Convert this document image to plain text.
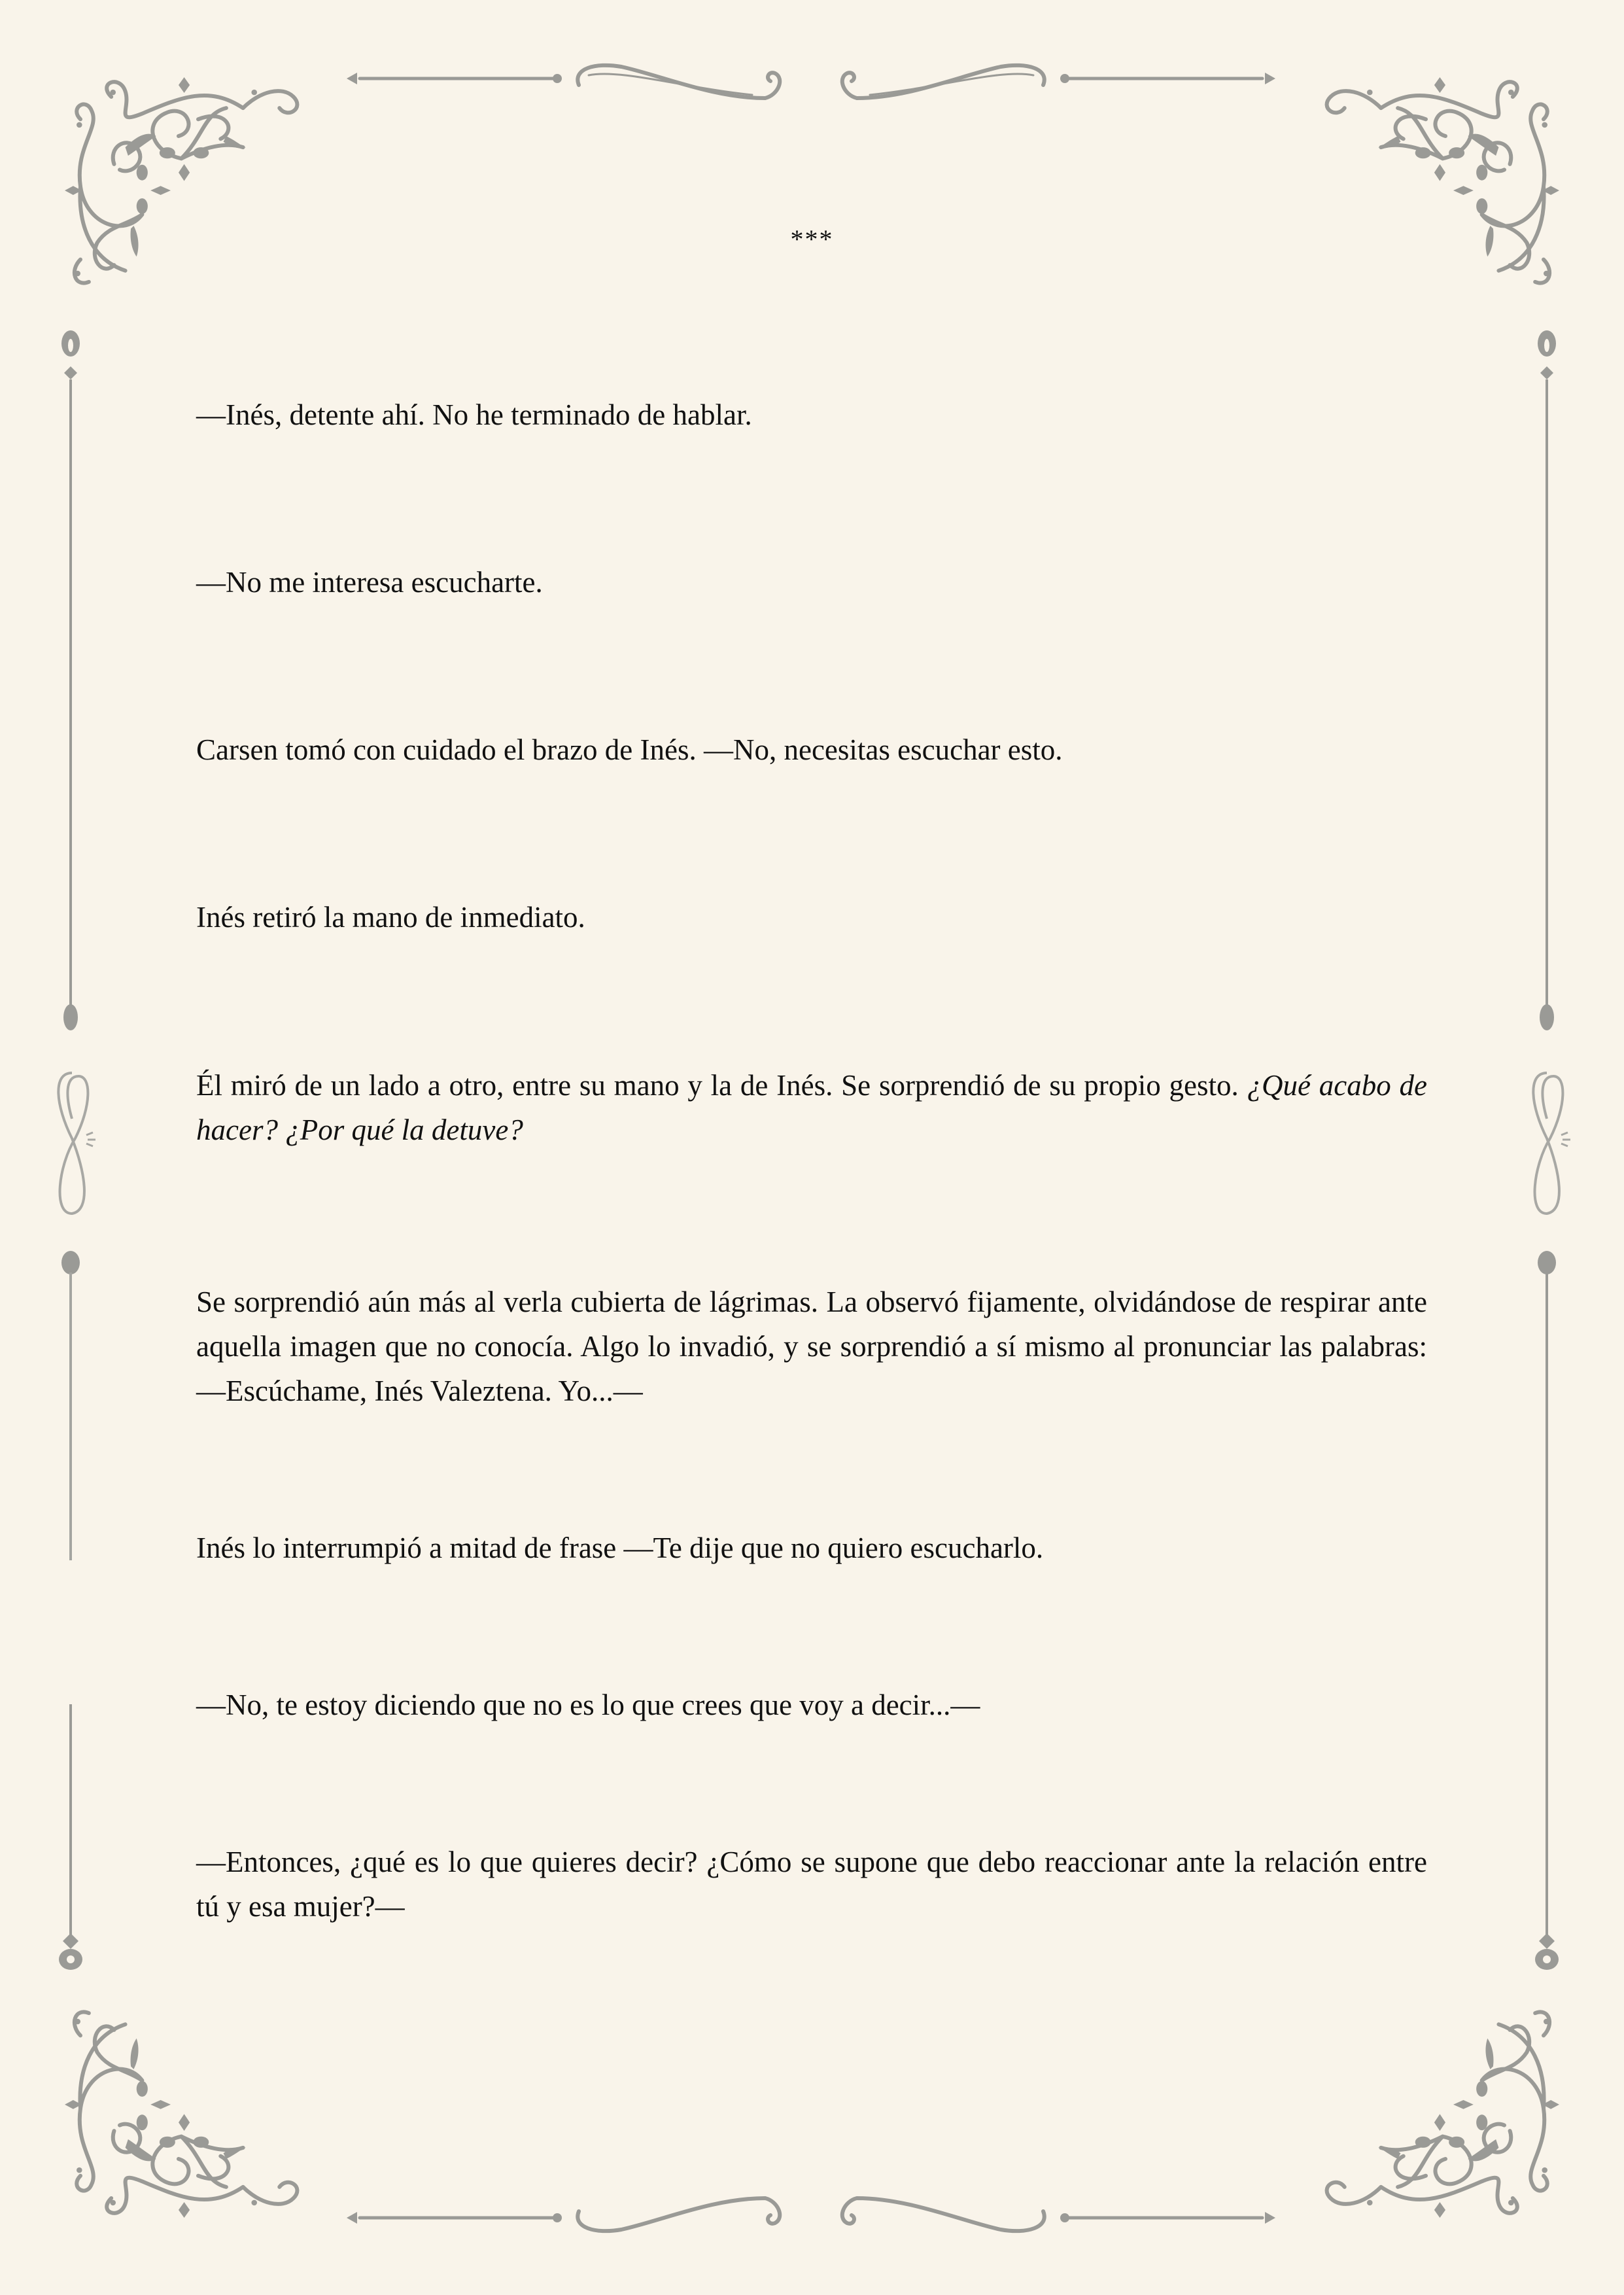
***

—Inés, detente ahí. No he terminado de hablar.

—No me interesa escucharte.

Carsen tomó con cuidado el brazo de Inés. —No, necesitas escuchar esto.

Inés retiró la mano de inmediato.

Él miró de un lado a otro, entre su mano y la de Inés. Se sorprendió de su propio gesto. ¿Qué acabo de hacer? ¿Por qué la detuve?

Se sorprendió aún más al verla cubierta de lágrimas. La observó fijamente, olvidándose de respirar ante aquella imagen que no conocía. Algo lo invadió, y se sorprendió a sí mismo al pronunciar las palabras: —Escúchame, Inés Valeztena. Yo...—

Inés lo interrumpió a mitad de frase —Te dije que no quiero escucharlo.

—No, te estoy diciendo que no es lo que crees que voy a decir...—

—Entonces, ¿qué es lo que quieres decir? ¿Cómo se supone que debo reaccionar ante la relación entre tú y esa mujer?—
